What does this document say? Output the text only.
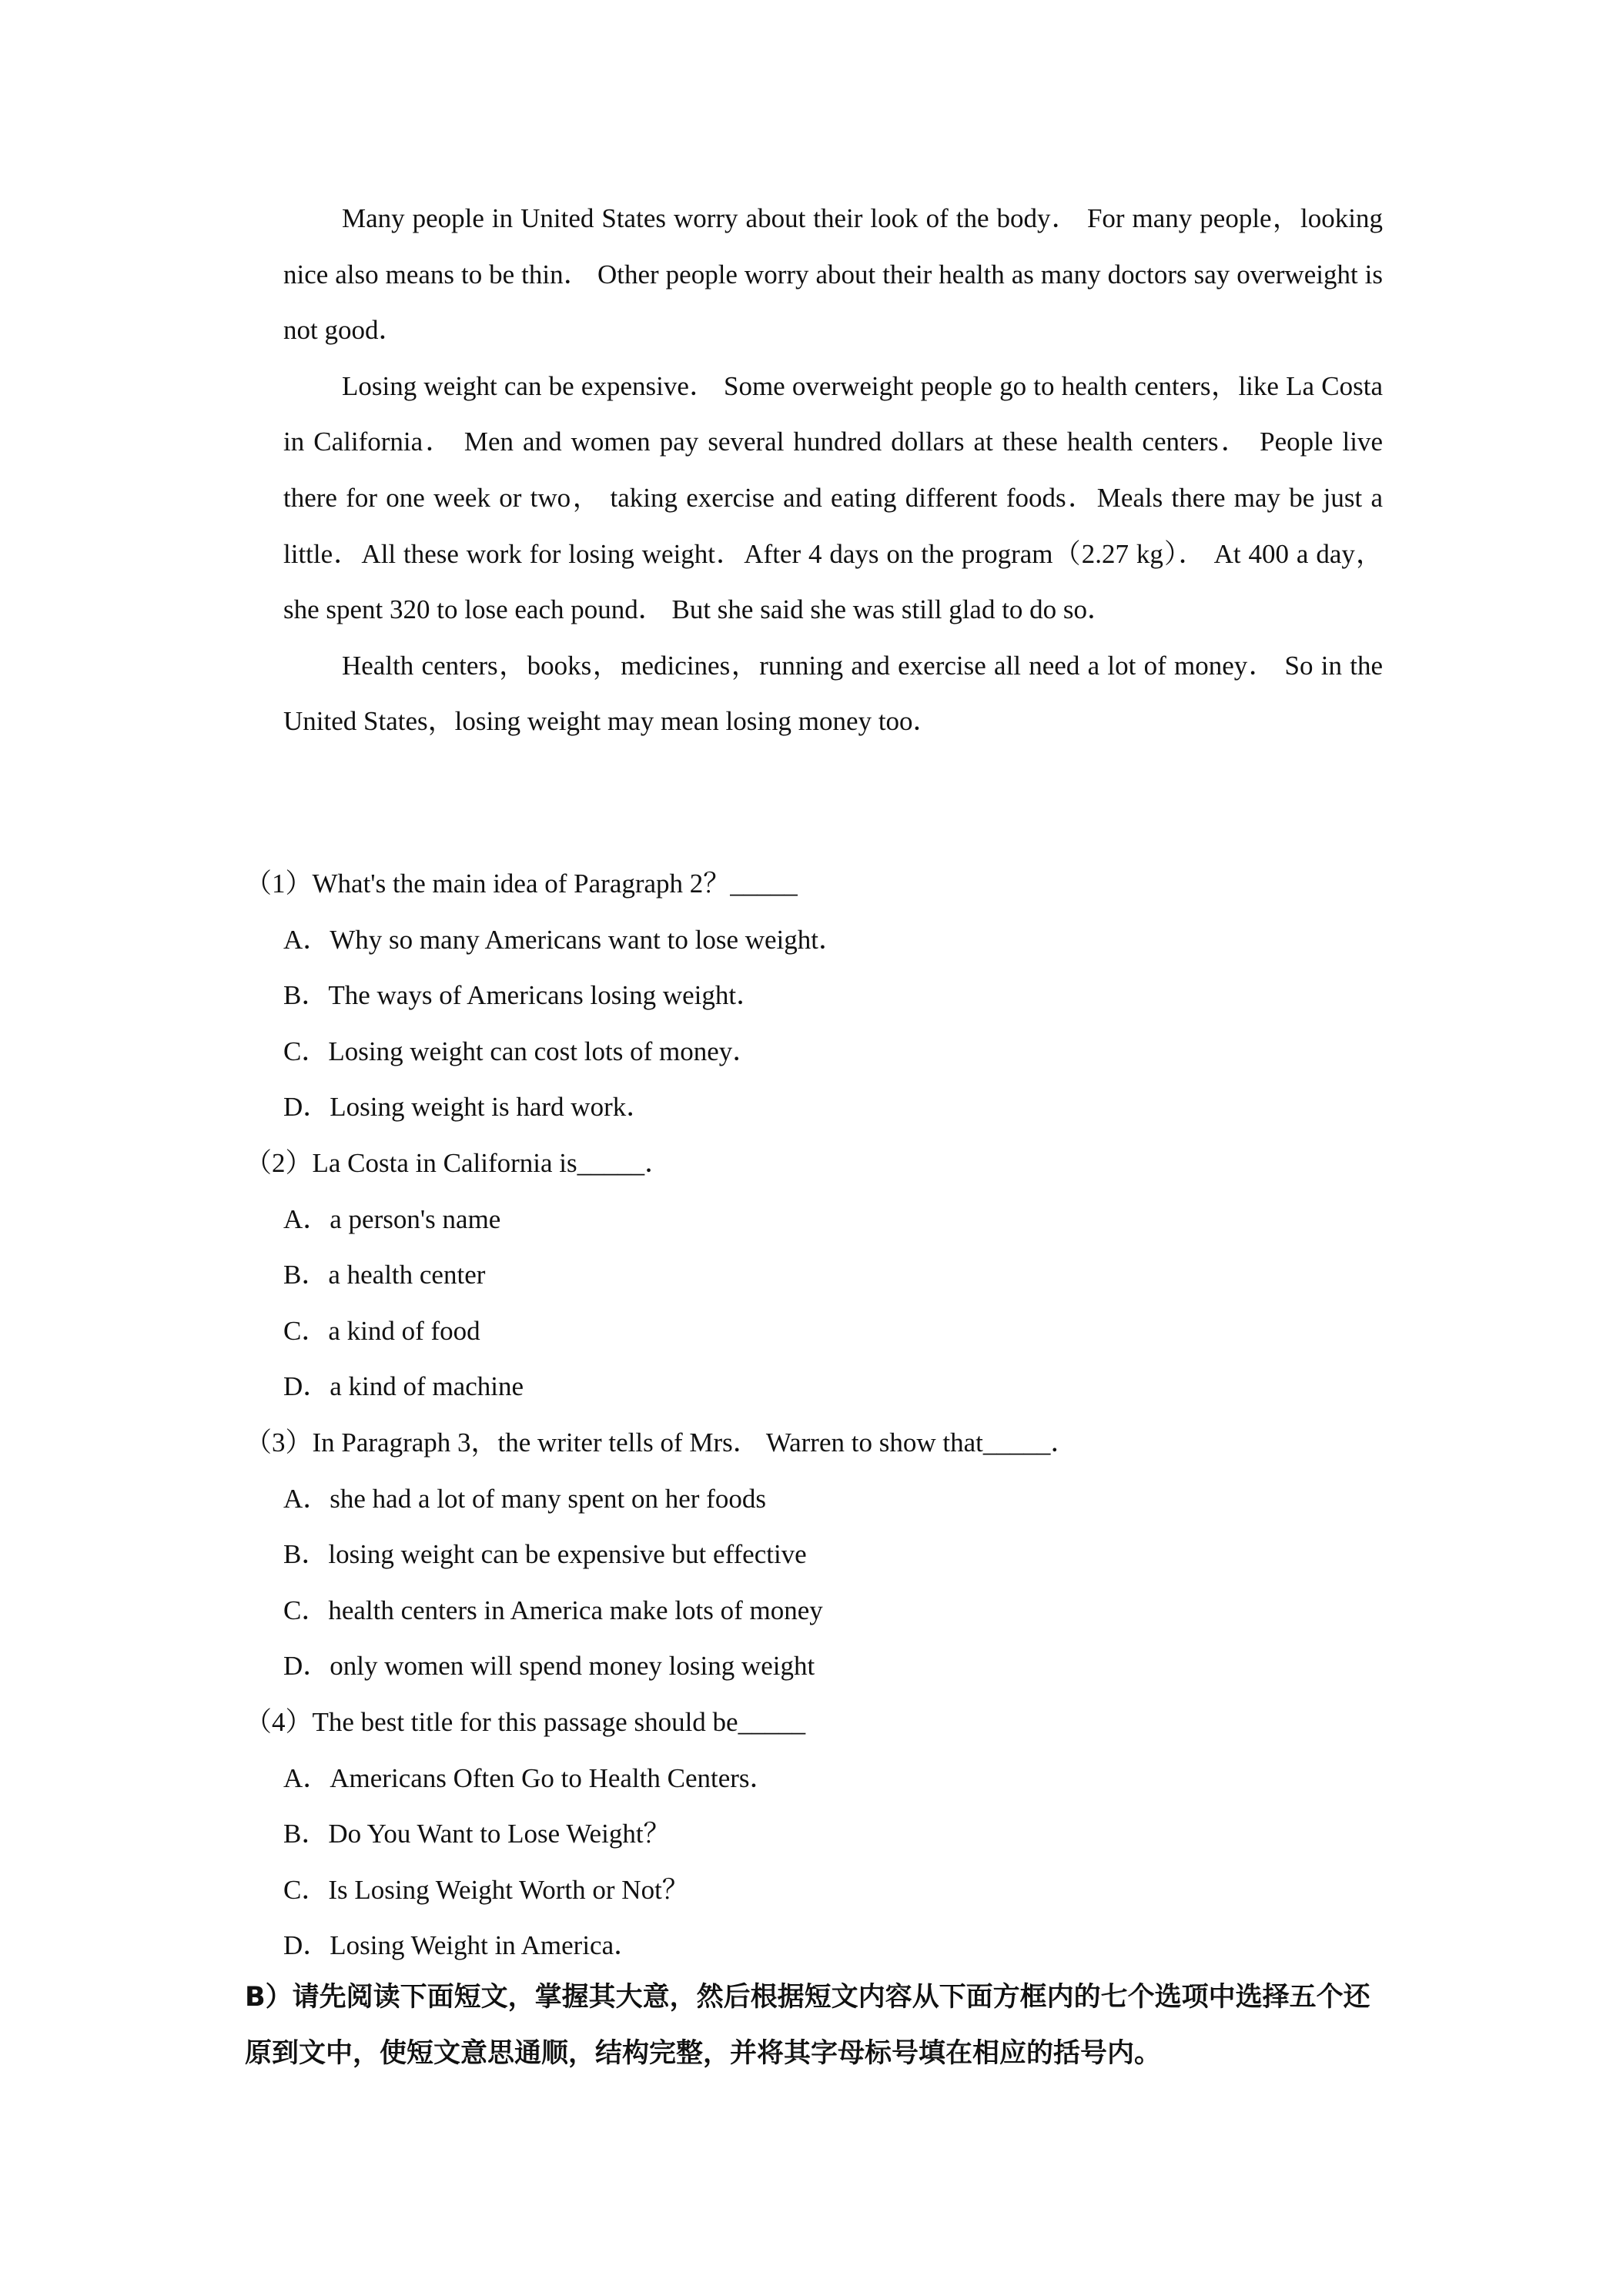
Many people in United States worry about their look of the body． For many people，looking nice also means to be thin． Other people worry about their health as many doctors say overweight is not good．

Losing weight can be expensive． Some overweight people go to health centers，like La Costa in California． Men and women pay several hundred dollars at these health centers． People live there for one week or two， taking exercise and eating different foods．Meals there may be just a little．All these work for losing weight．After 4 days on the program（2.27 kg）． At 400 a day，she spent 320 to lose each pound． But she said she was still glad to do so．

Health centers，books，medicines，running and exercise all need a lot of money． So in the United States，losing weight may mean losing money too．

（1）What's the main idea of Paragraph 2？_____

A．Why so many Americans want to lose weight．

B．The ways of Americans losing weight．

C．Losing weight can cost lots of money．

D．Losing weight is hard work．

（2）La Costa in California is_____．

A．a person's name

B．a health center

C．a kind of food

D．a kind of machine

（3）In Paragraph 3，the writer tells of Mrs． Warren to show that_____．

A．she had a lot of many spent on her foods

B．losing weight can be expensive but effective

C．health centers in America make lots of money

D．only women will spend money losing weight

（4）The best title for this passage should be_____

A．Americans Often Go to Health Centers．

B．Do You Want to Lose Weight？

C．Is Losing Weight Worth or Not？

D．Losing Weight in America．

B）请先阅读下面短文，掌握其大意，然后根据短文内容从下面方框内的七个选项中选择五个还原到文中，使短文意思通顺，结构完整，并将其字母标号填在相应的括号内。
